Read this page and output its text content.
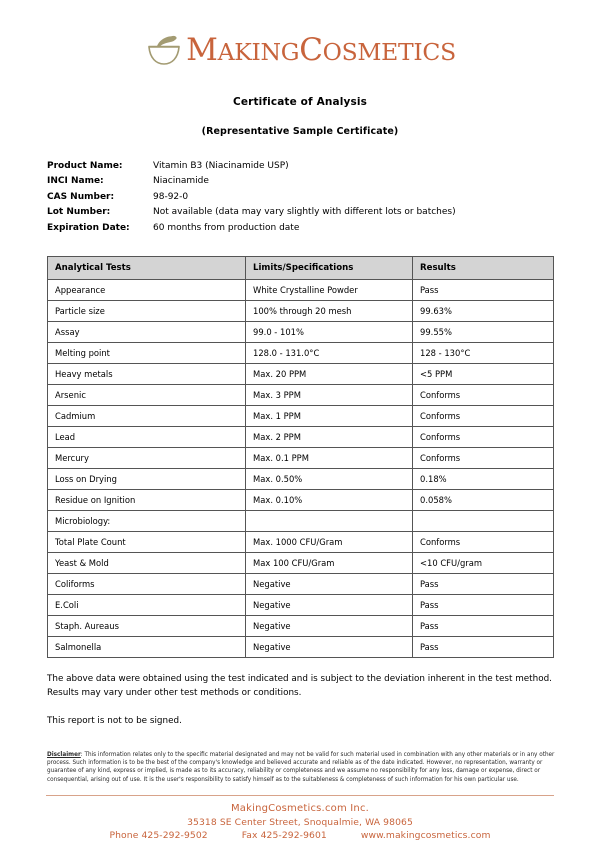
MAKINGCOSMETICS
Certificate of Analysis
(Representative Sample Certificate)
Product Name:	Vitamin B3 (Niacinamide USP)
INCI Name:	Niacinamide
CAS Number:	98-92-0
Lot Number:	Not available (data may vary slightly with different lots or batches)
Expiration Date:	60 months from production date
Analytical Tests	Limits/Specifications	Results
Appearance	White Crystalline Powder	Pass
Particle size	100% through 20 mesh	99.63%
Assay	99.0 - 101%	99.55%
Melting point	128.0 - 131.0°C	128 - 130°C
Heavy metals	Max. 20 PPM	<5 PPM
Arsenic	Max. 3 PPM	Conforms
Cadmium	Max. 1 PPM	Conforms
Lead	Max. 2 PPM	Conforms
Mercury	Max. 0.1 PPM	Conforms
Loss on Drying	Max. 0.50%	0.18%
Residue on Ignition	Max. 0.10%	0.058%
Microbiology:		
Total Plate Count	Max. 1000 CFU/Gram	Conforms
Yeast & Mold	Max 100 CFU/Gram	<10 CFU/gram
Coliforms	Negative	Pass
E.Coli	Negative	Pass
Staph. Aureaus	Negative	Pass
Salmonella	Negative	Pass
The above data were obtained using the test indicated and is subject to the deviation inherent in the test method. Results may vary under other test methods or conditions.
This report is not to be signed.
Disclaimer: This information relates only to the specific material designated and may not be valid for such material used in combination with any other materials or in any other process. Such information is to be the best of the company's knowledge and believed accurate and reliable as of the date indicated. However, no representation, warranty or guarantee of any kind, express or implied, is made as to its accuracy, reliability or completeness and we assume no responsibility for any loss, damage or expense, direct or consequential, arising out of use. It is the user's responsibility to satisfy himself as to the suitableness & completeness of such information for his own particular use.
MakingCosmetics.com Inc.
35318 SE Center Street, Snoqualmie, WA 98065
Phone 425-292-9502	Fax 425-292-9601	www.makingcosmetics.com
